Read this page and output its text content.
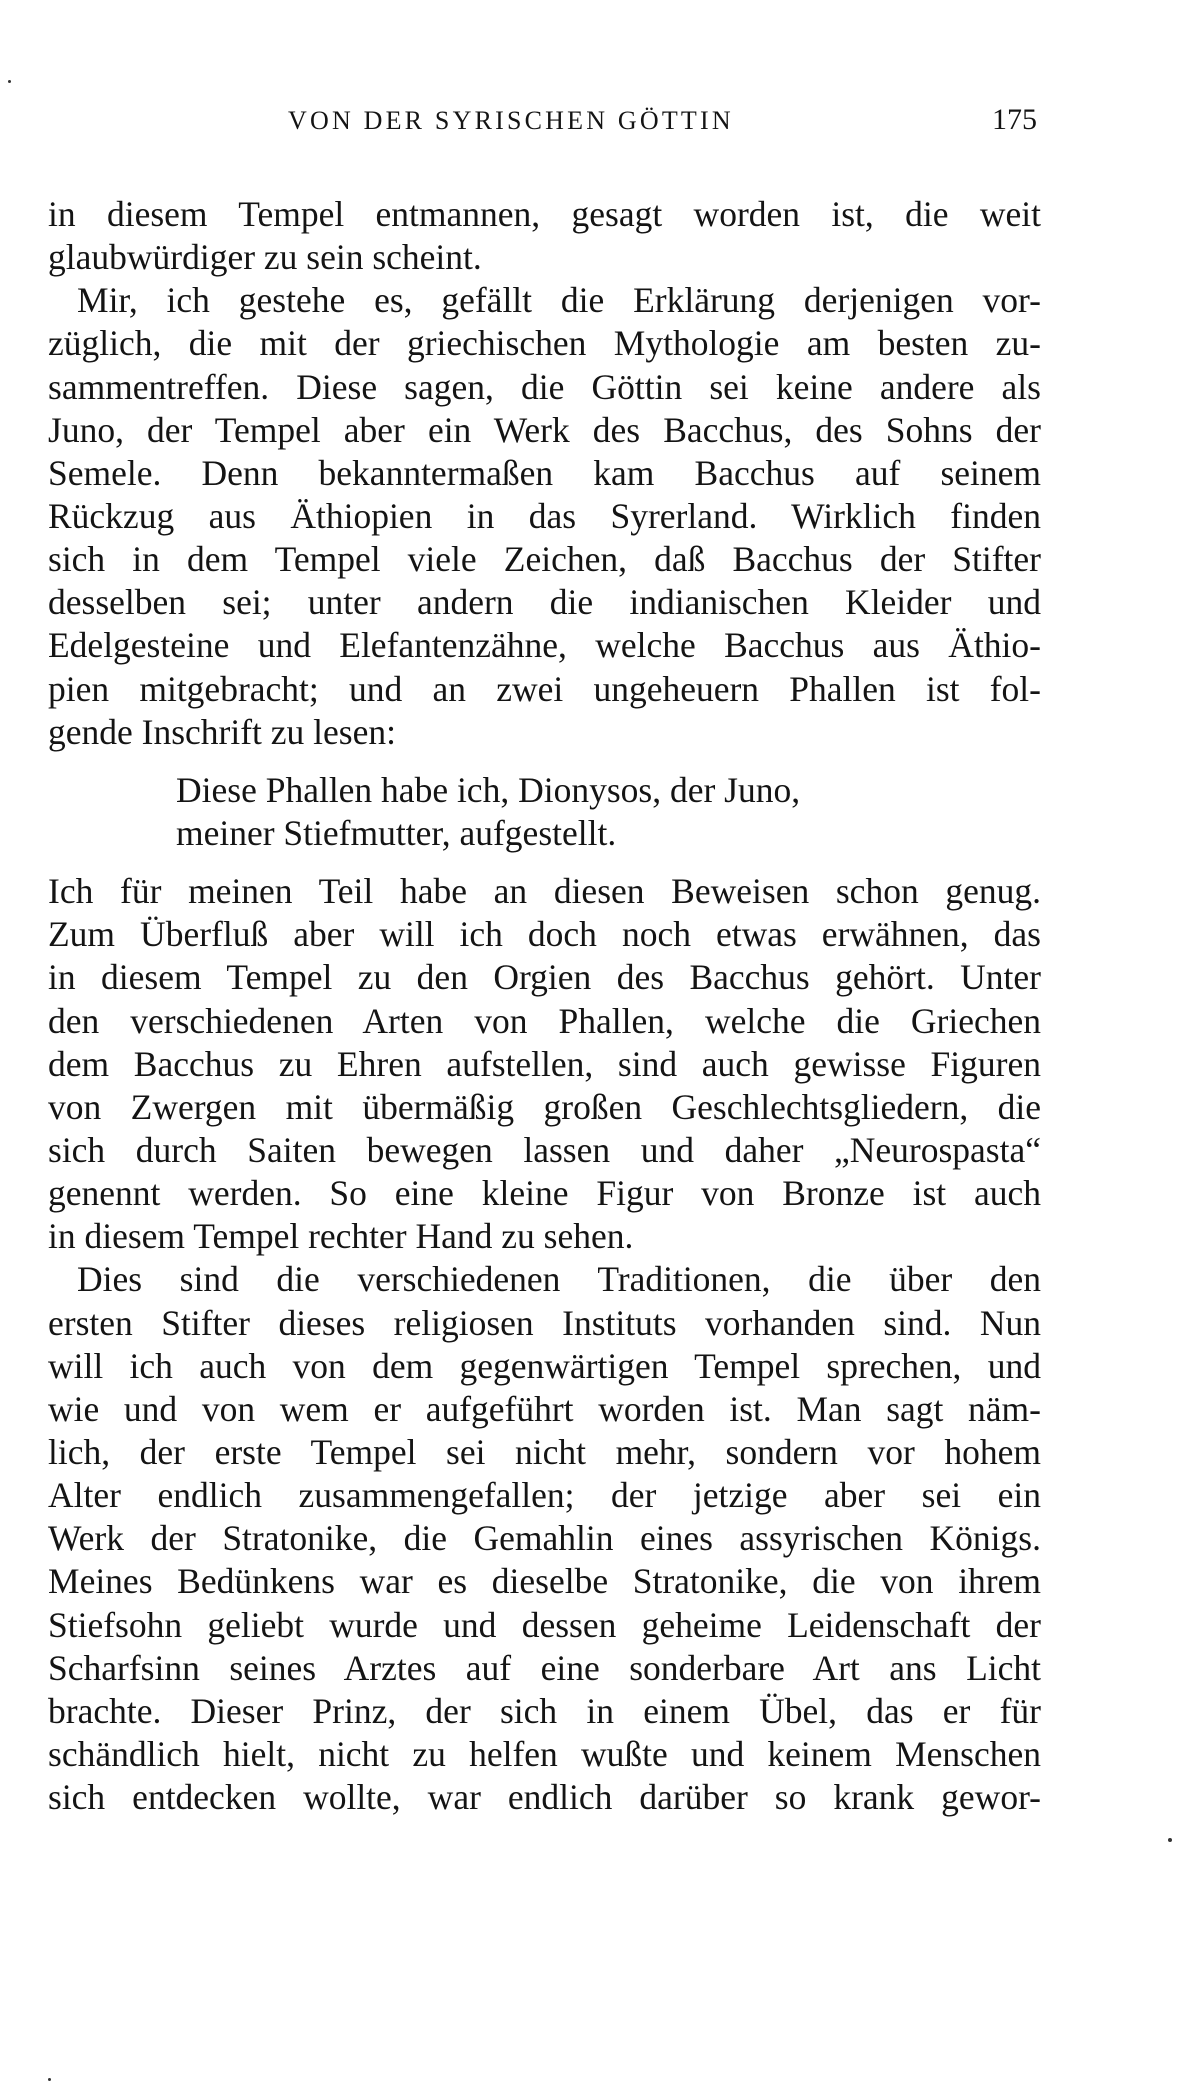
VON DER SYRISCHEN GÖTTIN	175
in diesem Tempel entmannen, gesagt worden ist, die weit
glaubwürdiger zu sein scheint.
Mir, ich gestehe es, gefällt die Erklärung derjenigen vor-
züglich, die mit der griechischen Mythologie am besten zu-
sammentreffen. Diese sagen, die Göttin sei keine andere als
Juno, der Tempel aber ein Werk des Bacchus, des Sohns der
Semele. Denn bekanntermaßen kam Bacchus auf seinem
Rückzug aus Äthiopien in das Syrerland. Wirklich finden
sich in dem Tempel viele Zeichen, daß Bacchus der Stifter
desselben sei; unter andern die indianischen Kleider und
Edelgesteine und Elefantenzähne, welche Bacchus aus Äthio-
pien mitgebracht; und an zwei ungeheuern Phallen ist fol-
gende Inschrift zu lesen:
Diese Phallen habe ich, Dionysos, der Juno,
meiner Stiefmutter, aufgestellt.
Ich für meinen Teil habe an diesen Beweisen schon genug.
Zum Überfluß aber will ich doch noch etwas erwähnen, das
in diesem Tempel zu den Orgien des Bacchus gehört. Unter
den verschiedenen Arten von Phallen, welche die Griechen
dem Bacchus zu Ehren aufstellen, sind auch gewisse Figuren
von Zwergen mit übermäßig großen Geschlechtsgliedern, die
sich durch Saiten bewegen lassen und daher „Neurospasta“
genennt werden. So eine kleine Figur von Bronze ist auch
in diesem Tempel rechter Hand zu sehen.
Dies sind die verschiedenen Traditionen, die über den
ersten Stifter dieses religiosen Instituts vorhanden sind. Nun
will ich auch von dem gegenwärtigen Tempel sprechen, und
wie und von wem er aufgeführt worden ist. Man sagt näm-
lich, der erste Tempel sei nicht mehr, sondern vor hohem
Alter endlich zusammengefallen; der jetzige aber sei ein
Werk der Stratonike, die Gemahlin eines assyrischen Königs.
Meines Bedünkens war es dieselbe Stratonike, die von ihrem
Stiefsohn geliebt wurde und dessen geheime Leidenschaft der
Scharfsinn seines Arztes auf eine sonderbare Art ans Licht
brachte. Dieser Prinz, der sich in einem Übel, das er für
schändlich hielt, nicht zu helfen wußte und keinem Menschen
sich entdecken wollte, war endlich darüber so krank gewor-
